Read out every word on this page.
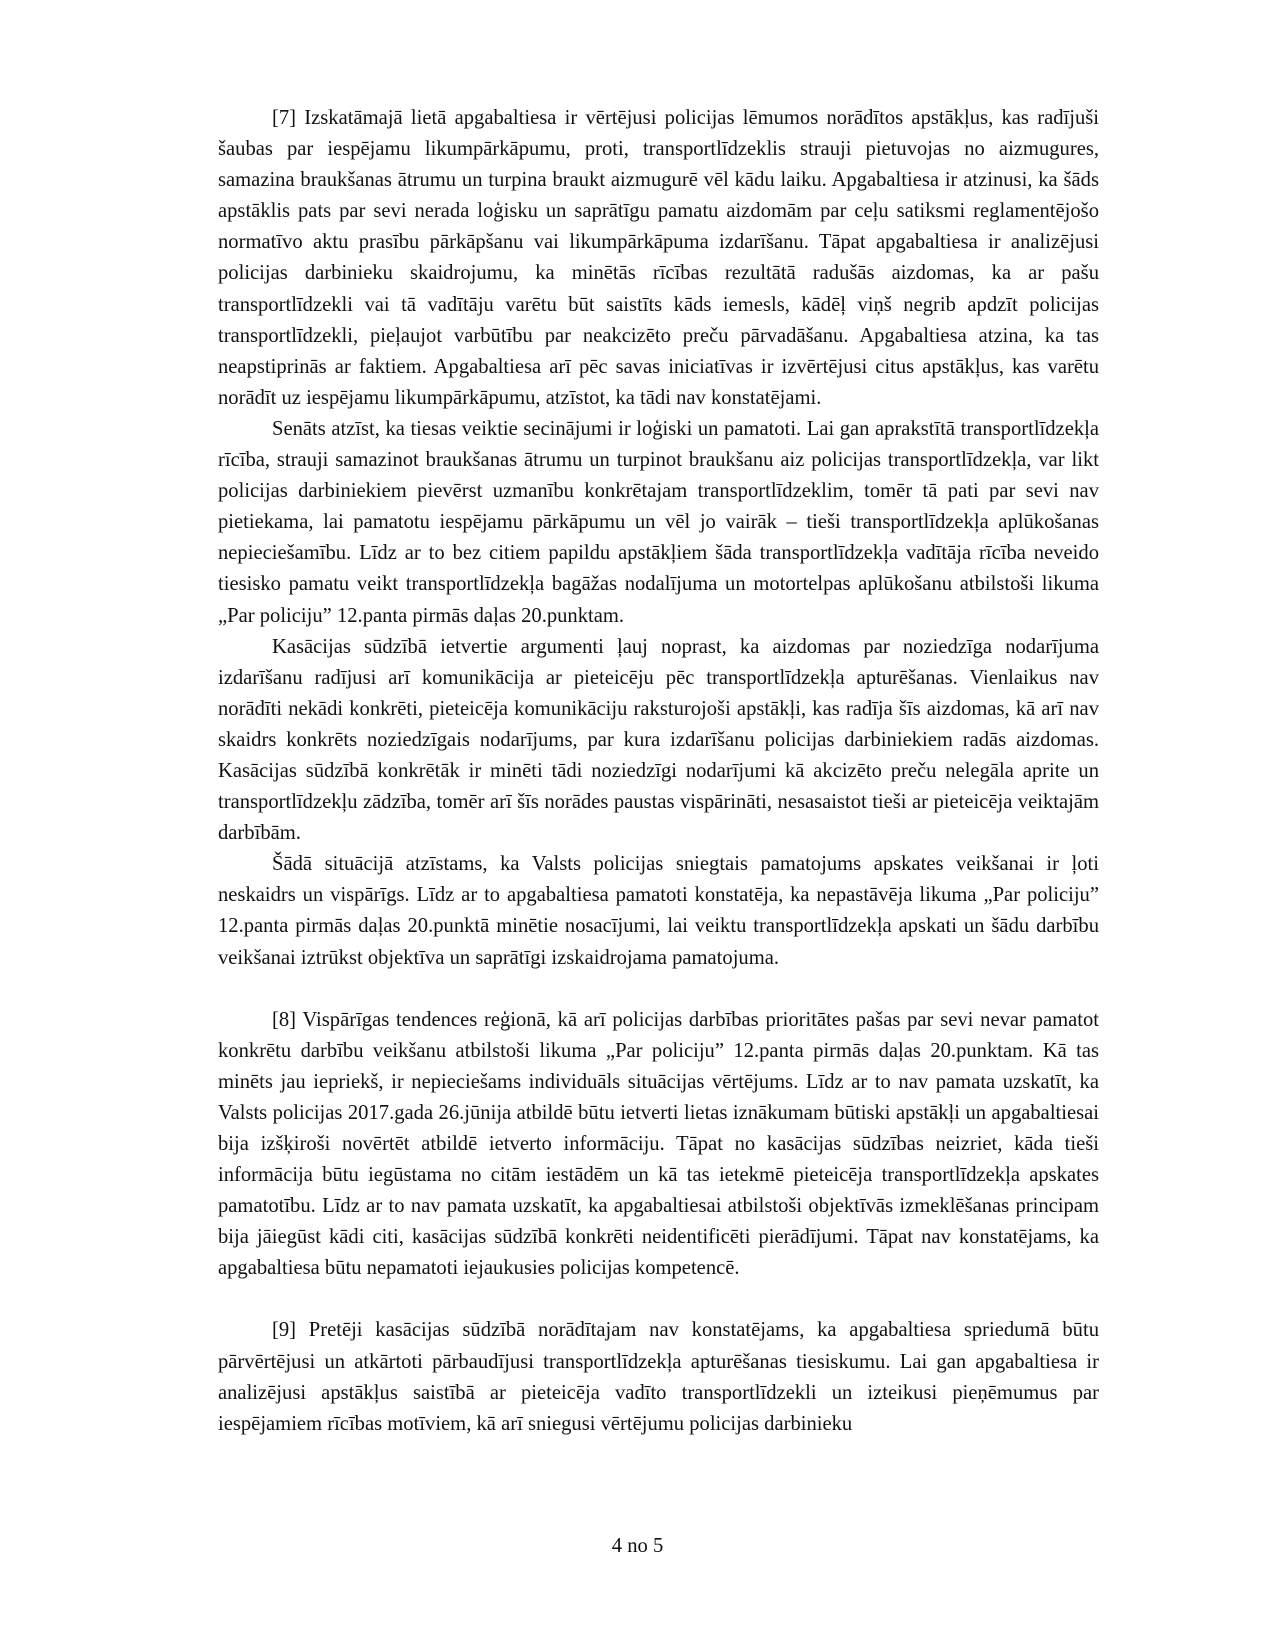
[7] Izskatāmajā lietā apgabaltiesa ir vērtējusi policijas lēmumos norādītos apstākļus, kas radījuši šaubas par iespējamu likumpārkāpumu, proti, transportlīdzeklis strauji pietuvojas no aizmugures, samazina braukšanas ātrumu un turpina braukt aizmugurē vēl kādu laiku. Apgabaltiesa ir atzinusi, ka šāds apstāklis pats par sevi nerada loģisku un saprātīgu pamatu aizdomām par ceļu satiksmi reglamentējošo normatīvo aktu prasību pārkāpšanu vai likumpārkāpuma izdarīšanu. Tāpat apgabaltiesa ir analizējusi policijas darbinieku skaidrojumu, ka minētās rīcības rezultātā radušās aizdomas, ka ar pašu transportlīdzekli vai tā vadītāju varētu būt saistīts kāds iemesls, kādēļ viņš negrib apdzīt policijas transportlīdzekli, pieļaujot varbūtību par neakcizēto preču pārvadāšanu. Apgabaltiesa atzina, ka tas neapstiprinās ar faktiem. Apgabaltiesa arī pēc savas iniciatīvas ir izvērtējusi citus apstākļus, kas varētu norādīt uz iespējamu likumpārkāpumu, atzīstot, ka tādi nav konstatējami.

Senāts atzīst, ka tiesas veiktie secinājumi ir loģiski un pamatoti. Lai gan aprakstītā transportlīdzekļa rīcība, strauji samazinot braukšanas ātrumu un turpinot braukšanu aiz policijas transportlīdzekļa, var likt policijas darbiniekiem pievērst uzmanību konkrētajam transportlīdzeklim, tomēr tā pati par sevi nav pietiekama, lai pamatotu iespējamu pārkāpumu un vēl jo vairāk – tieši transportlīdzekļa aplūkošanas nepieciešamību. Līdz ar to bez citiem papildu apstākļiem šāda transportlīdzekļa vadītāja rīcība neveido tiesisko pamatu veikt transportlīdzekļa bagāžas nodalījuma un motortelpas aplūkošanu atbilstoši likuma „Par policiju” 12.panta pirmās daļas 20.punktam.

Kasācijas sūdzībā ietvertie argumenti ļauj noprast, ka aizdomas par noziedzīga nodarījuma izdarīšanu radījusi arī komunikācija ar pieteicēju pēc transportlīdzekļa apturēšanas. Vienlaikus nav norādīti nekādi konkrēti, pieteicēja komunikāciju raksturojoši apstākļi, kas radīja šīs aizdomas, kā arī nav skaidrs konkrēts noziedzīgais nodarījums, par kura izdarīšanu policijas darbiniekiem radās aizdomas. Kasācijas sūdzībā konkrētāk ir minēti tādi noziedzīgi nodarījumi kā akcizēto preču nelegāla aprite un transportlīdzekļu zādzība, tomēr arī šīs norādes paustas vispārināti, nesasaistot tieši ar pieteicēja veiktajām darbībām.

Šādā situācijā atzīstams, ka Valsts policijas sniegtais pamatojums apskates veikšanai ir ļoti neskaidrs un vispārīgs. Līdz ar to apgabaltiesa pamatoti konstatēja, ka nepastāvēja likuma „Par policiju” 12.panta pirmās daļas 20.punktā minētie nosacījumi, lai veiktu transportlīdzekļa apskati un šādu darbību veikšanai iztrūkst objektīva un saprātīgi izskaidrojama pamatojuma.

[8] Vispārīgas tendences reģionā, kā arī policijas darbības prioritātes pašas par sevi nevar pamatot konkrētu darbību veikšanu atbilstoši likuma „Par policiju” 12.panta pirmās daļas 20.punktam. Kā tas minēts jau iepriekš, ir nepieciešams individuāls situācijas vērtējums. Līdz ar to nav pamata uzskatīt, ka Valsts policijas 2017.gada 26.jūnija atbildē būtu ietverti lietas iznākumam būtiski apstākļi un apgabaltiesai bija izšķiroši novērtēt atbildē ietverto informāciju. Tāpat no kasācijas sūdzības neizriet, kāda tieši informācija būtu iegūstama no citām iestādēm un kā tas ietekmē pieteicēja transportlīdzekļa apskates pamatotību. Līdz ar to nav pamata uzskatīt, ka apgabaltiesai atbilstoši objektīvās izmeklēšanas principam bija jāiegūst kādi citi, kasācijas sūdzībā konkrēti neidentificēti pierādījumi. Tāpat nav konstatējams, ka apgabaltiesa būtu nepamatoti iejaukusies policijas kompetencē.

[9] Pretēji kasācijas sūdzībā norādītajam nav konstatējams, ka apgabaltiesa spriedumā būtu pārvērtējusi un atkārtoti pārbaudījusi transportlīdzekļa apturēšanas tiesiskumu. Lai gan apgabaltiesa ir analizējusi apstākļus saistībā ar pieteicēja vadīto transportlīdzekli un izteikusi pieņēmumus par iespējamiem rīcības motīviem, kā arī sniegusi vērtējumu policijas darbinieku

4 no 5
